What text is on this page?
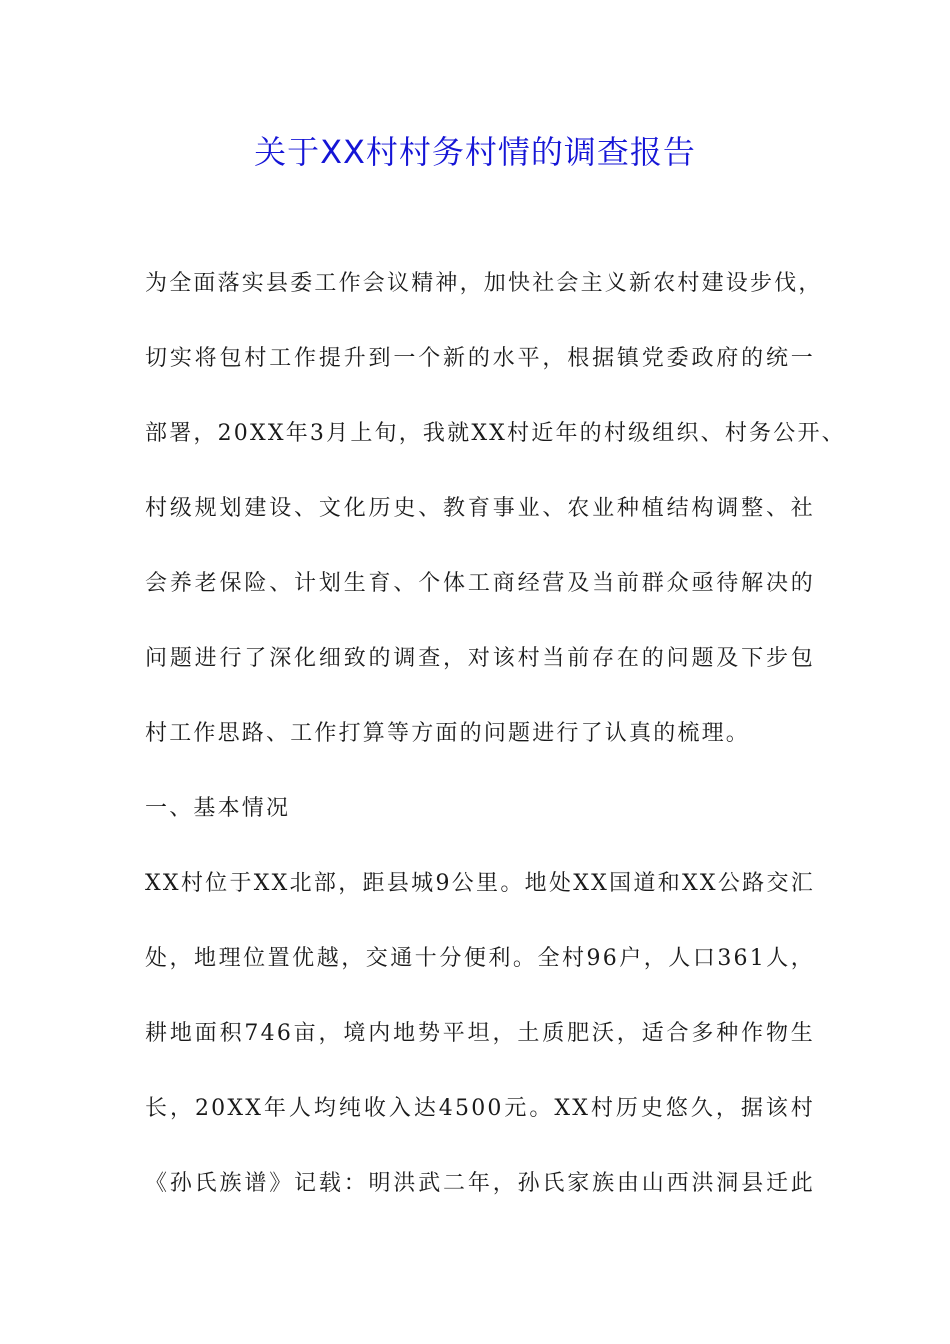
关于XX村村务村情的调查报告

为全面落实县委工作会议精神，加快社会主义新农村建设步伐，

切实将包村工作提升到一个新的水平，根据镇党委政府的统一

部署，20XX年3月上旬，我就XX村近年的村级组织、村务公开、

村级规划建设、文化历史、教育事业、农业种植结构调整、社

会养老保险、计划生育、个体工商经营及当前群众亟待解决的

问题进行了深化细致的调查，对该村当前存在的问题及下步包

村工作思路、工作打算等方面的问题进行了认真的梳理。

一、基本情况

XX村位于XX北部，距县城9公里。地处XX国道和XX公路交汇

处，地理位置优越，交通十分便利。全村96户，人口361人，

耕地面积746亩，境内地势平坦，土质肥沃，适合多种作物生

长，20XX年人均纯收入达4500元。XX村历史悠久，据该村

《孙氏族谱》记载：明洪武二年，孙氏家族由山西洪洞县迁此
